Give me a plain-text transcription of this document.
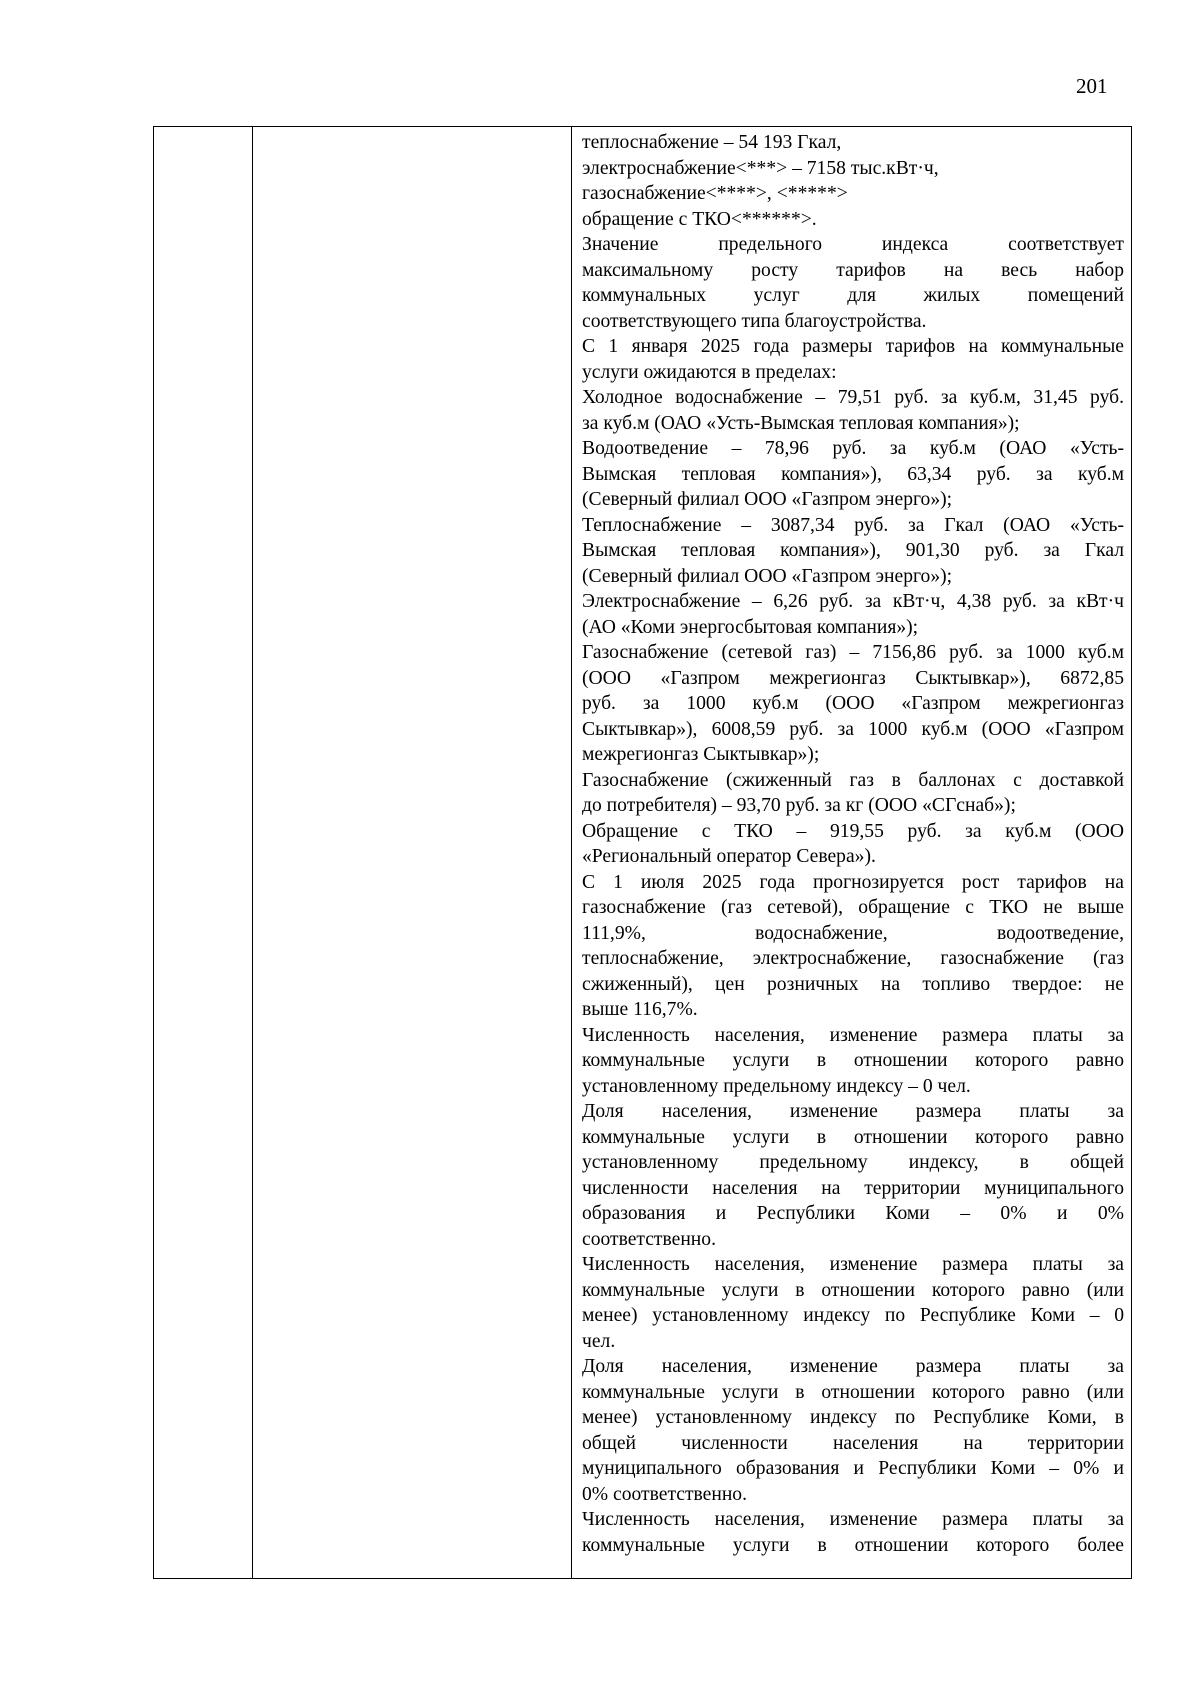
201
теплоснабжение – 54 193 Гкал,
электроснабжение<***> – 7158 тыс.кВт·ч,
газоснабжение<****>, <*****>
обращение с ТКО<******>.
Значение предельного индекса соответствует
максимальному росту тарифов на весь набор
коммунальных услуг для жилых помещений
соответствующего типа благоустройства.
С 1 января 2025 года размеры тарифов на коммунальные
услуги ожидаются в пределах:
Холодное водоснабжение – 79,51 руб. за куб.м, 31,45 руб.
за куб.м (ОАО «Усть-Вымская тепловая компания»);
Водоотведение – 78,96 руб. за куб.м (ОАО «Усть-
Вымская тепловая компания»), 63,34 руб. за куб.м
(Северный филиал ООО «Газпром энерго»);
Теплоснабжение – 3087,34 руб. за Гкал (ОАО «Усть-
Вымская тепловая компания»), 901,30 руб. за Гкал
(Северный филиал ООО «Газпром энерго»);
Электроснабжение – 6,26 руб. за кВт·ч, 4,38 руб. за кВт·ч
(АО «Коми энергосбытовая компания»);
Газоснабжение (сетевой газ) – 7156,86 руб. за 1000 куб.м
(ООО «Газпром межрегионгаз Сыктывкар»), 6872,85
руб. за 1000 куб.м (ООО «Газпром межрегионгаз
Сыктывкар»), 6008,59 руб. за 1000 куб.м (ООО «Газпром
межрегионгаз Сыктывкар»);
Газоснабжение (сжиженный газ в баллонах с доставкой
до потребителя) – 93,70 руб. за кг (ООО «СГснаб»);
Обращение с ТКО – 919,55 руб. за куб.м (ООО
«Региональный оператор Севера»).
С 1 июля 2025 года прогнозируется рост тарифов на
газоснабжение (газ сетевой), обращение с ТКО не выше
111,9%, водоснабжение, водоотведение,
теплоснабжение, электроснабжение, газоснабжение (газ
сжиженный), цен розничных на топливо твердое: не
выше 116,7%.
Численность населения, изменение размера платы за
коммунальные услуги в отношении которого равно
установленному предельному индексу – 0 чел.
Доля населения, изменение размера платы за
коммунальные услуги в отношении которого равно
установленному предельному индексу, в общей
численности населения на территории муниципального
образования и Республики Коми – 0% и 0%
соответственно.
Численность населения, изменение размера платы за
коммунальные услуги в отношении которого равно (или
менее) установленному индексу по Республике Коми – 0
чел.
Доля населения, изменение размера платы за
коммунальные услуги в отношении которого равно (или
менее) установленному индексу по Республике Коми, в
общей численности населения на территории
муниципального образования и Республики Коми – 0% и
0% соответственно.
Численность населения, изменение размера платы за
коммунальные услуги в отношении которого более
